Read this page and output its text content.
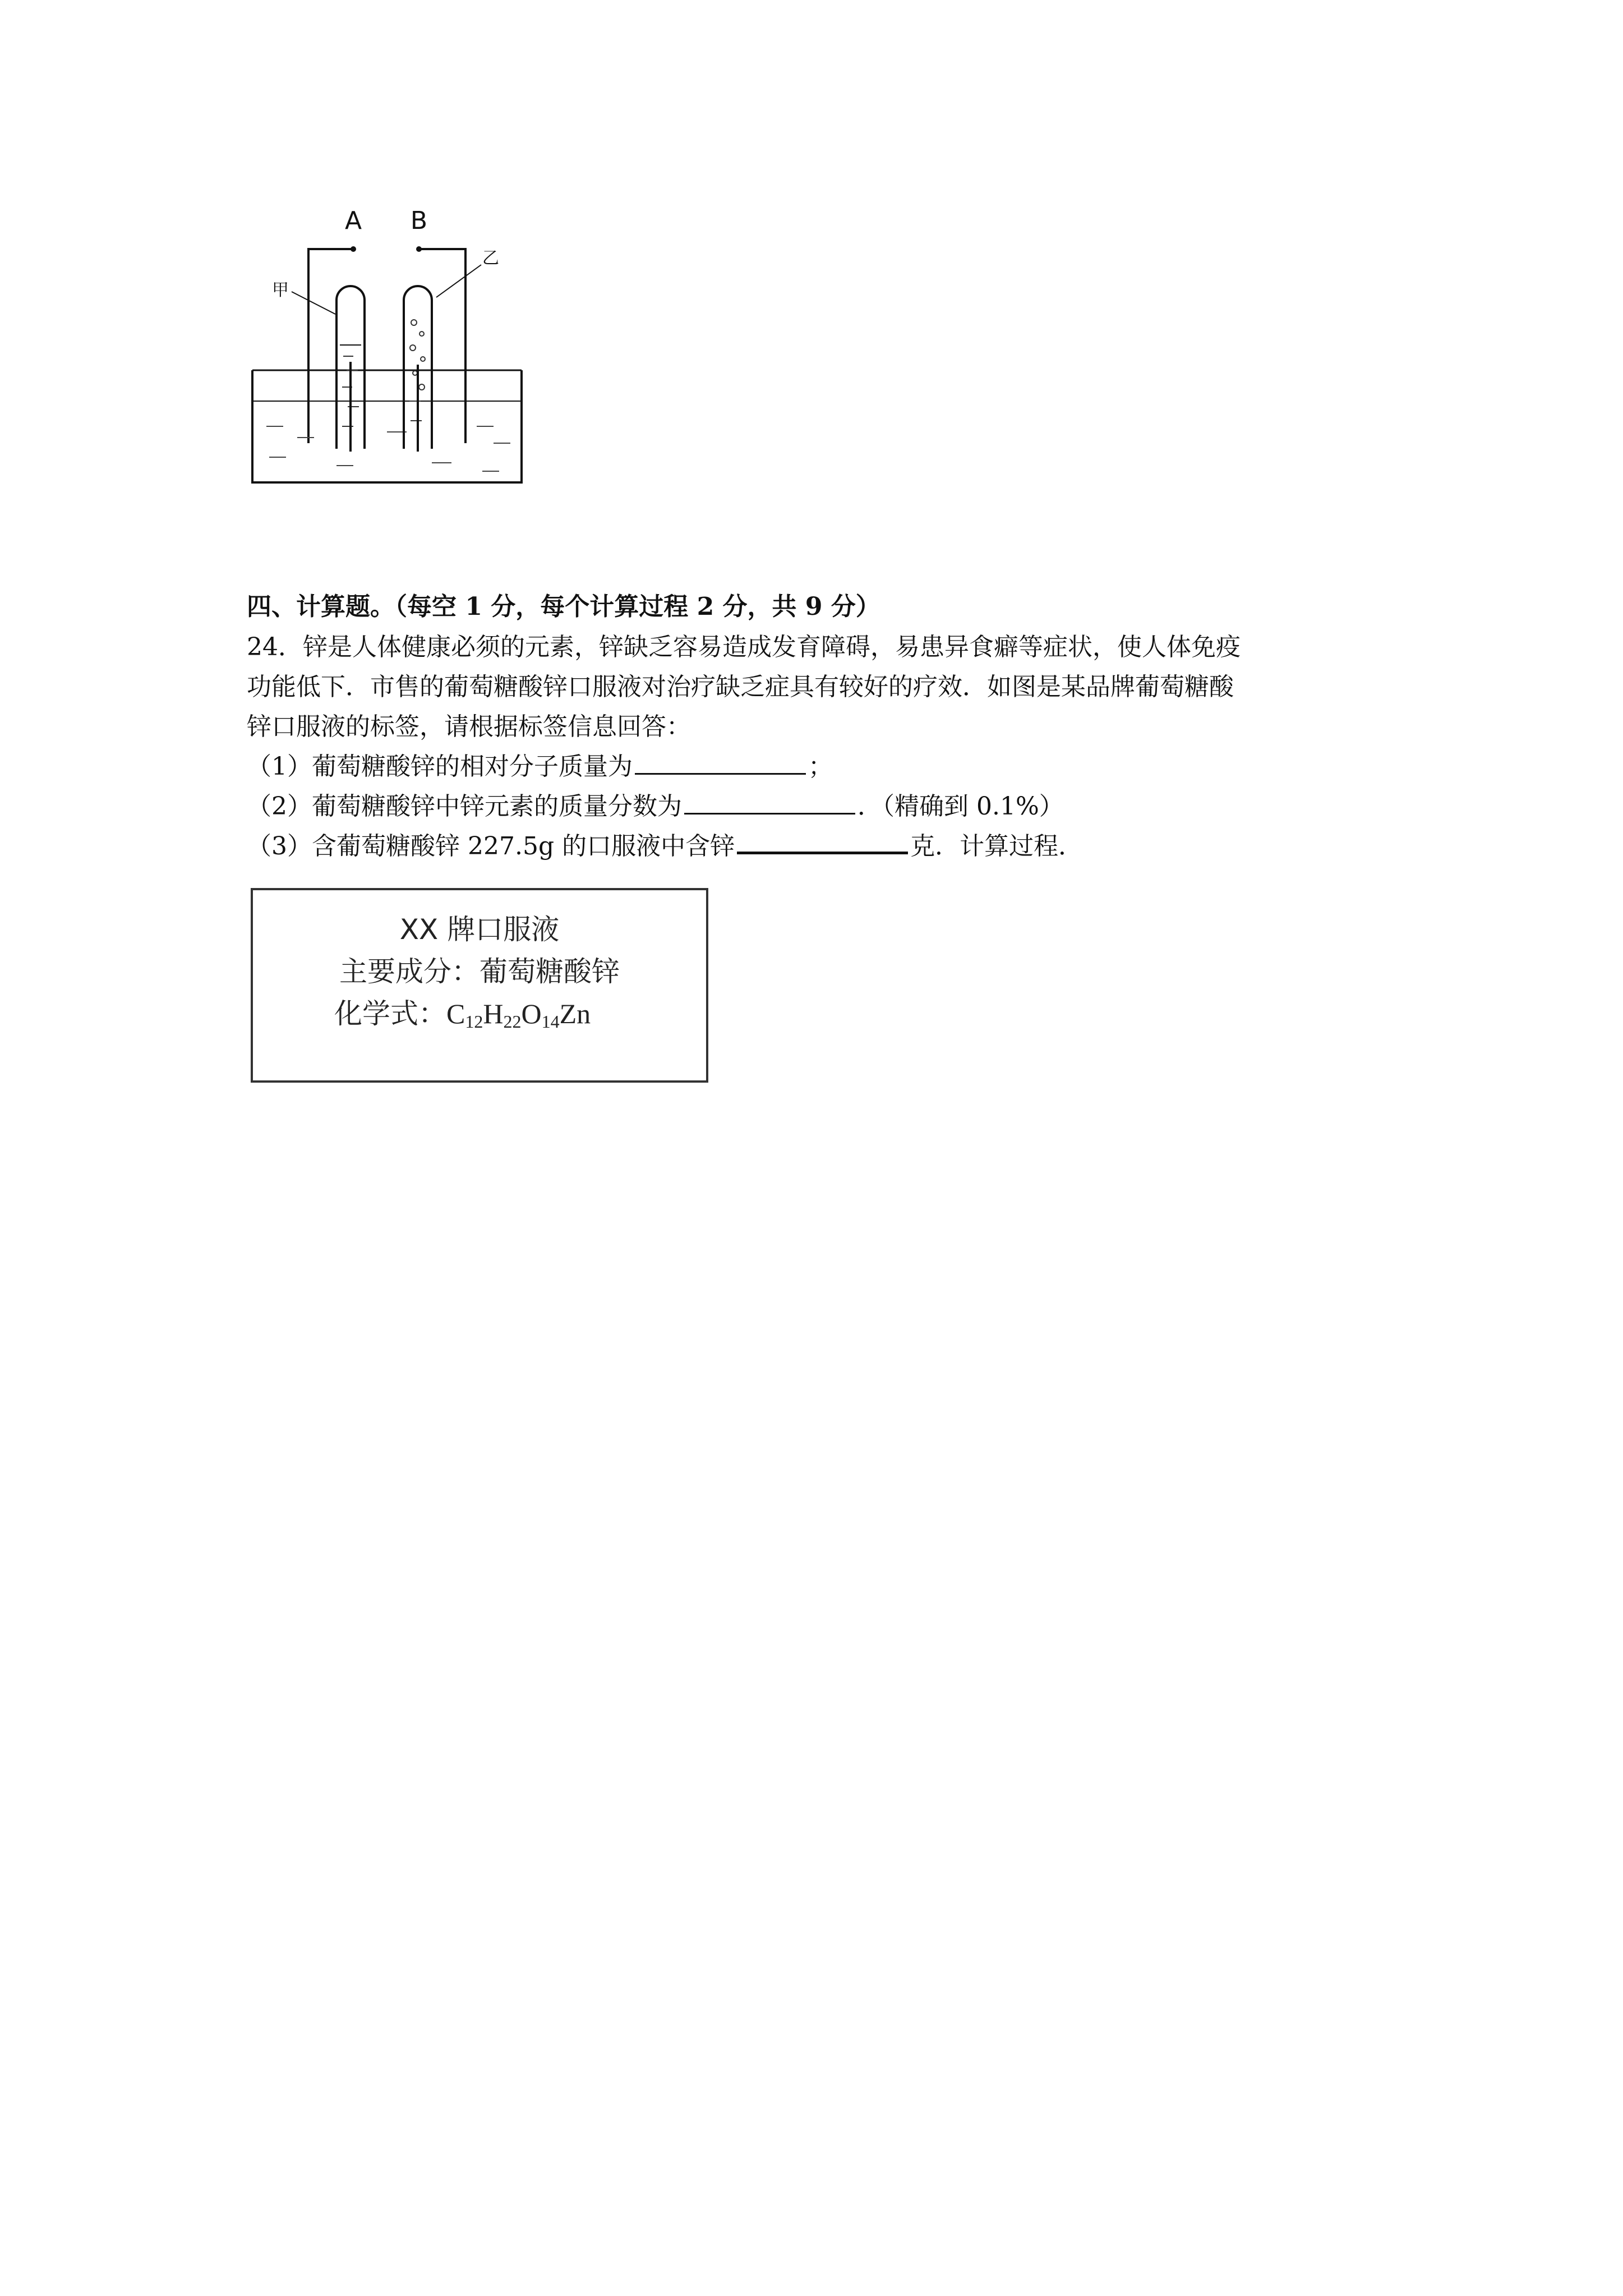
A B
甲
乙
四、计算题。（每空 1 分，每个计算过程 2 分，共 9 分）

24．锌是人体健康必须的元素，锌缺乏容易造成发育障碍，易患异食癖等症状，使人体免疫

功能低下．市售的葡萄糖酸锌口服液对治疗缺乏症具有较好的疗效．如图是某品牌葡萄糖酸

锌口服液的标签，请根据标签信息回答：

（1）葡萄糖酸锌的相对分子质量为	；

（2）葡萄糖酸锌中锌元素的质量分数为	．（精确到 0.1%）

（3）含葡萄糖酸锌 227.5g 的口服液中含锌	克．计算过程．

XX 牌口服液
主要成分：葡萄糖酸锌
化学式：$C_{12}H_{22}O_{14}Zn$
